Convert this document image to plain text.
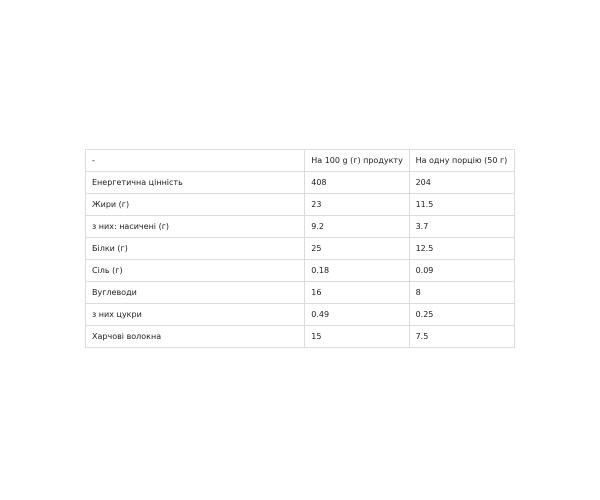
-	На 100 g (г) продукту	На одну порцію (50 г)
Енергетична цінність	408	204
Жири (г)	23	11.5
з них: насичені (г)	9.2	3.7
Білки (г)	25	12.5
Сіль (г)	0.18	0.09
Вуглеводи	16	8
з них цукри	0.49	0.25
Харчові волокна	15	7.5
